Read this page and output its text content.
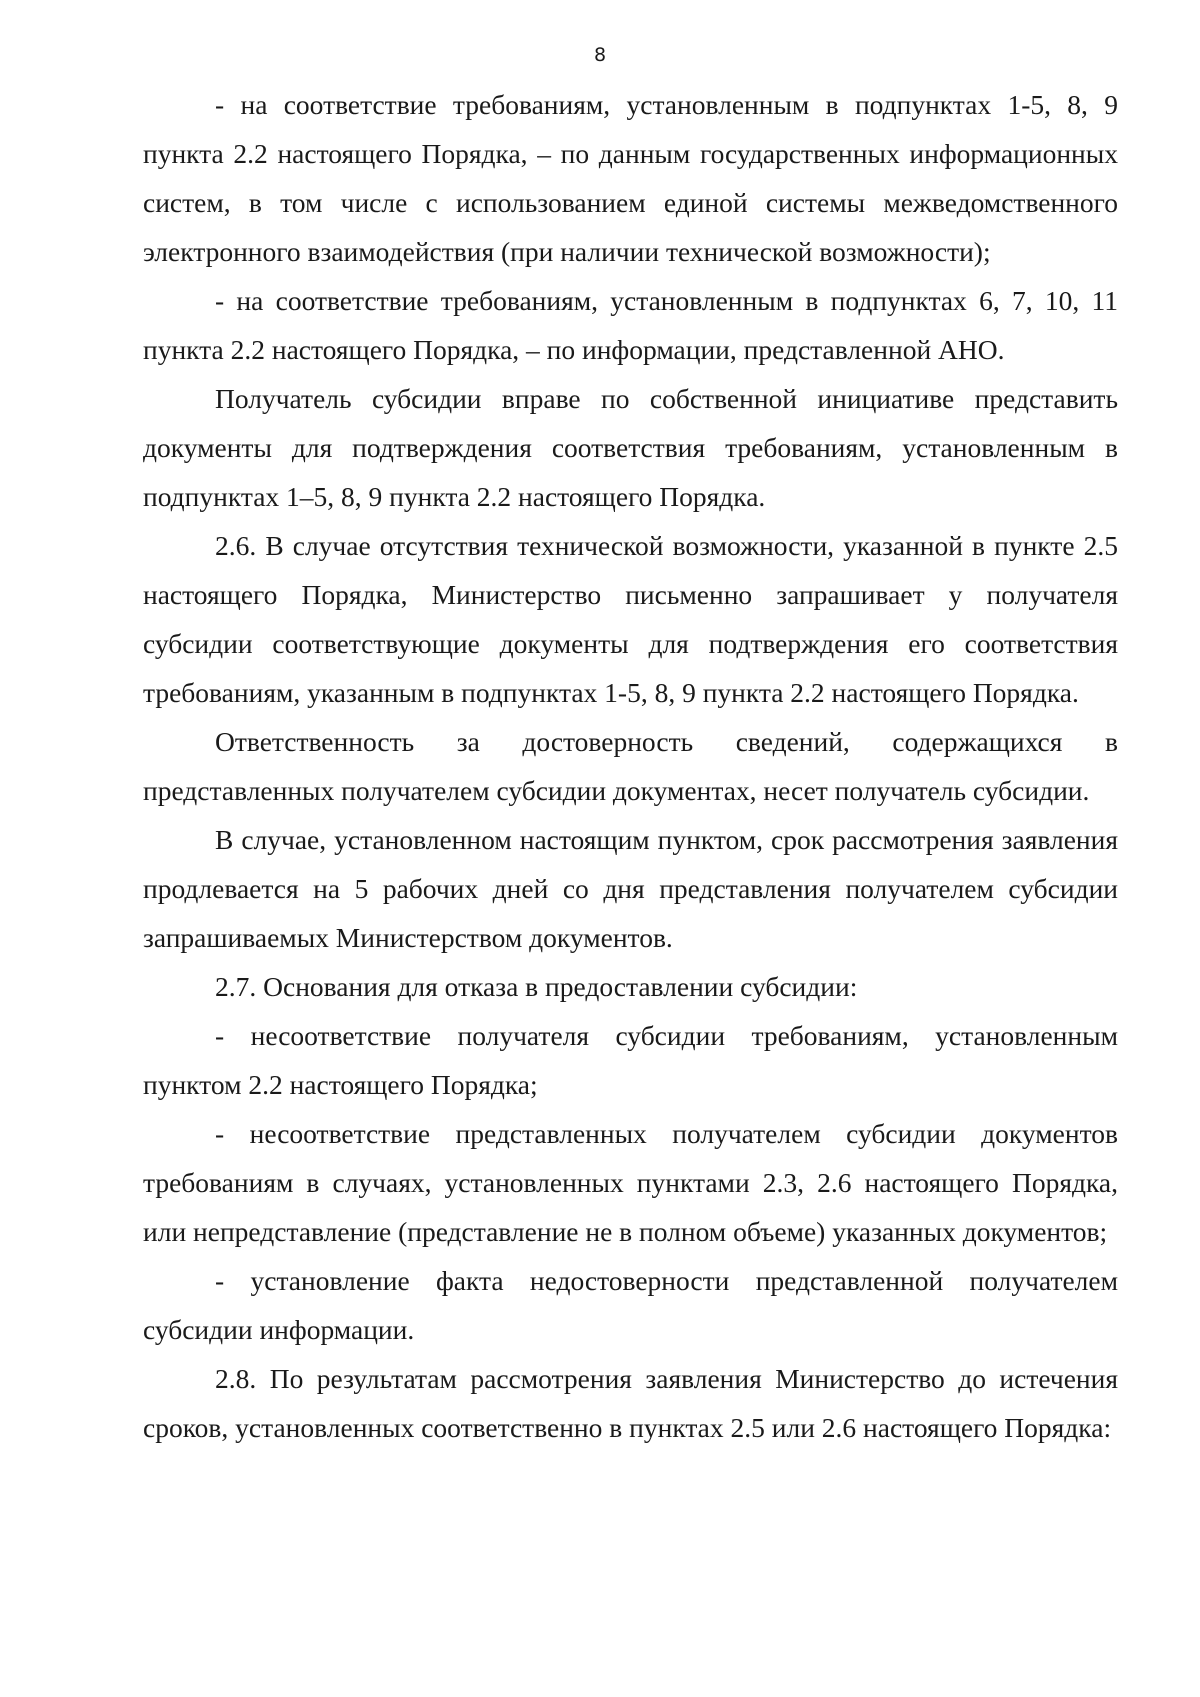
8

- на соответствие требованиям, установленным в подпунктах 1-5, 8, 9 пункта 2.2 настоящего Порядка, – по данным государственных информационных систем, в том числе с использованием единой системы межведомственного электронного взаимодействия (при наличии технической возможности);

- на соответствие требованиям, установленным в подпунктах 6, 7, 10, 11 пункта 2.2 настоящего Порядка, – по информации, представленной АНО.

Получатель субсидии вправе по собственной инициативе представить документы для подтверждения соответствия требованиям, установленным в подпунктах 1–5, 8, 9 пункта 2.2 настоящего Порядка.

2.6. В случае отсутствия технической возможности, указанной в пункте 2.5 настоящего Порядка, Министерство письменно запрашивает у получателя субсидии соответствующие документы для подтверждения его соответствия требованиям, указанным в подпунктах 1-5, 8, 9 пункта 2.2 настоящего Порядка.

Ответственность за достоверность сведений, содержащихся в представленных получателем субсидии документах, несет получатель субсидии.

В случае, установленном настоящим пунктом, срок рассмотрения заявления продлевается на 5 рабочих дней со дня представления получателем субсидии запрашиваемых Министерством документов.

2.7. Основания для отказа в предоставлении субсидии:

- несоответствие получателя субсидии требованиям, установленным пунктом 2.2 настоящего Порядка;

- несоответствие представленных получателем субсидии документов требованиям в случаях, установленных пунктами 2.3, 2.6 настоящего Порядка, или непредставление (представление не в полном объеме) указанных документов;

- установление факта недостоверности представленной получателем субсидии информации.

2.8. По результатам рассмотрения заявления Министерство до истечения сроков, установленных соответственно в пунктах 2.5 или 2.6 настоящего Порядка:
